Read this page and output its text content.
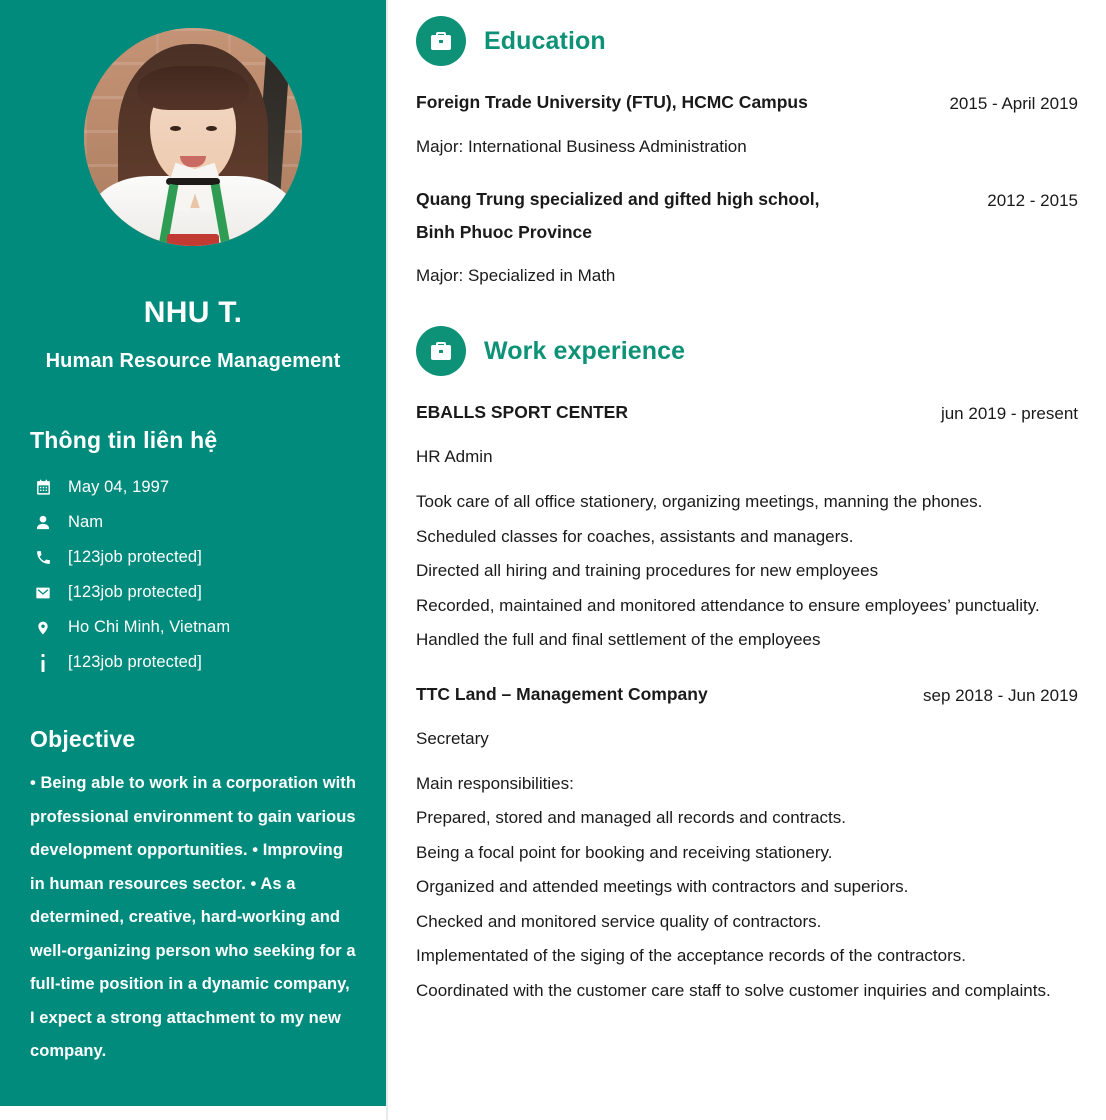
NHU T.
Human Resource Management
Thông tin liên hệ
May 04, 1997
Nam
[123job protected]
[123job protected]
Ho Chi Minh, Vietnam
[123job protected]
Objective
• Being able to work in a corporation with professional environment to gain various development opportunities. • Improving in human resources sector. • As a determined, creative, hard-working and well-organizing person who seeking for a full-time position in a dynamic company, I expect a strong attachment to my new company.
Education
Foreign Trade University (FTU), HCMC Campus	2015 - April 2019
Major: International Business Administration
Quang Trung specialized and gifted high school, Binh Phuoc Province
2012 - 2015
Major: Specialized in Math
Work experience
EBALLS SPORT CENTER	jun 2019 - present
HR Admin
Took care of all office stationery, organizing meetings, manning the phones.
Scheduled classes for coaches, assistants and managers.
Directed all hiring and training procedures for new employees
Recorded, maintained and monitored attendance to ensure employees’ punctuality.
Handled the full and final settlement of the employees
TTC Land – Management Company	sep 2018 - Jun 2019
Secretary
Main responsibilities:
Prepared, stored and managed all records and contracts.
Being a focal point for booking and receiving stationery.
Organized and attended meetings with contractors and superiors.
Checked and monitored service quality of contractors.
Implementated of the siging of the acceptance records of the contractors.
Coordinated with the customer care staff to solve customer inquiries and complaints.
